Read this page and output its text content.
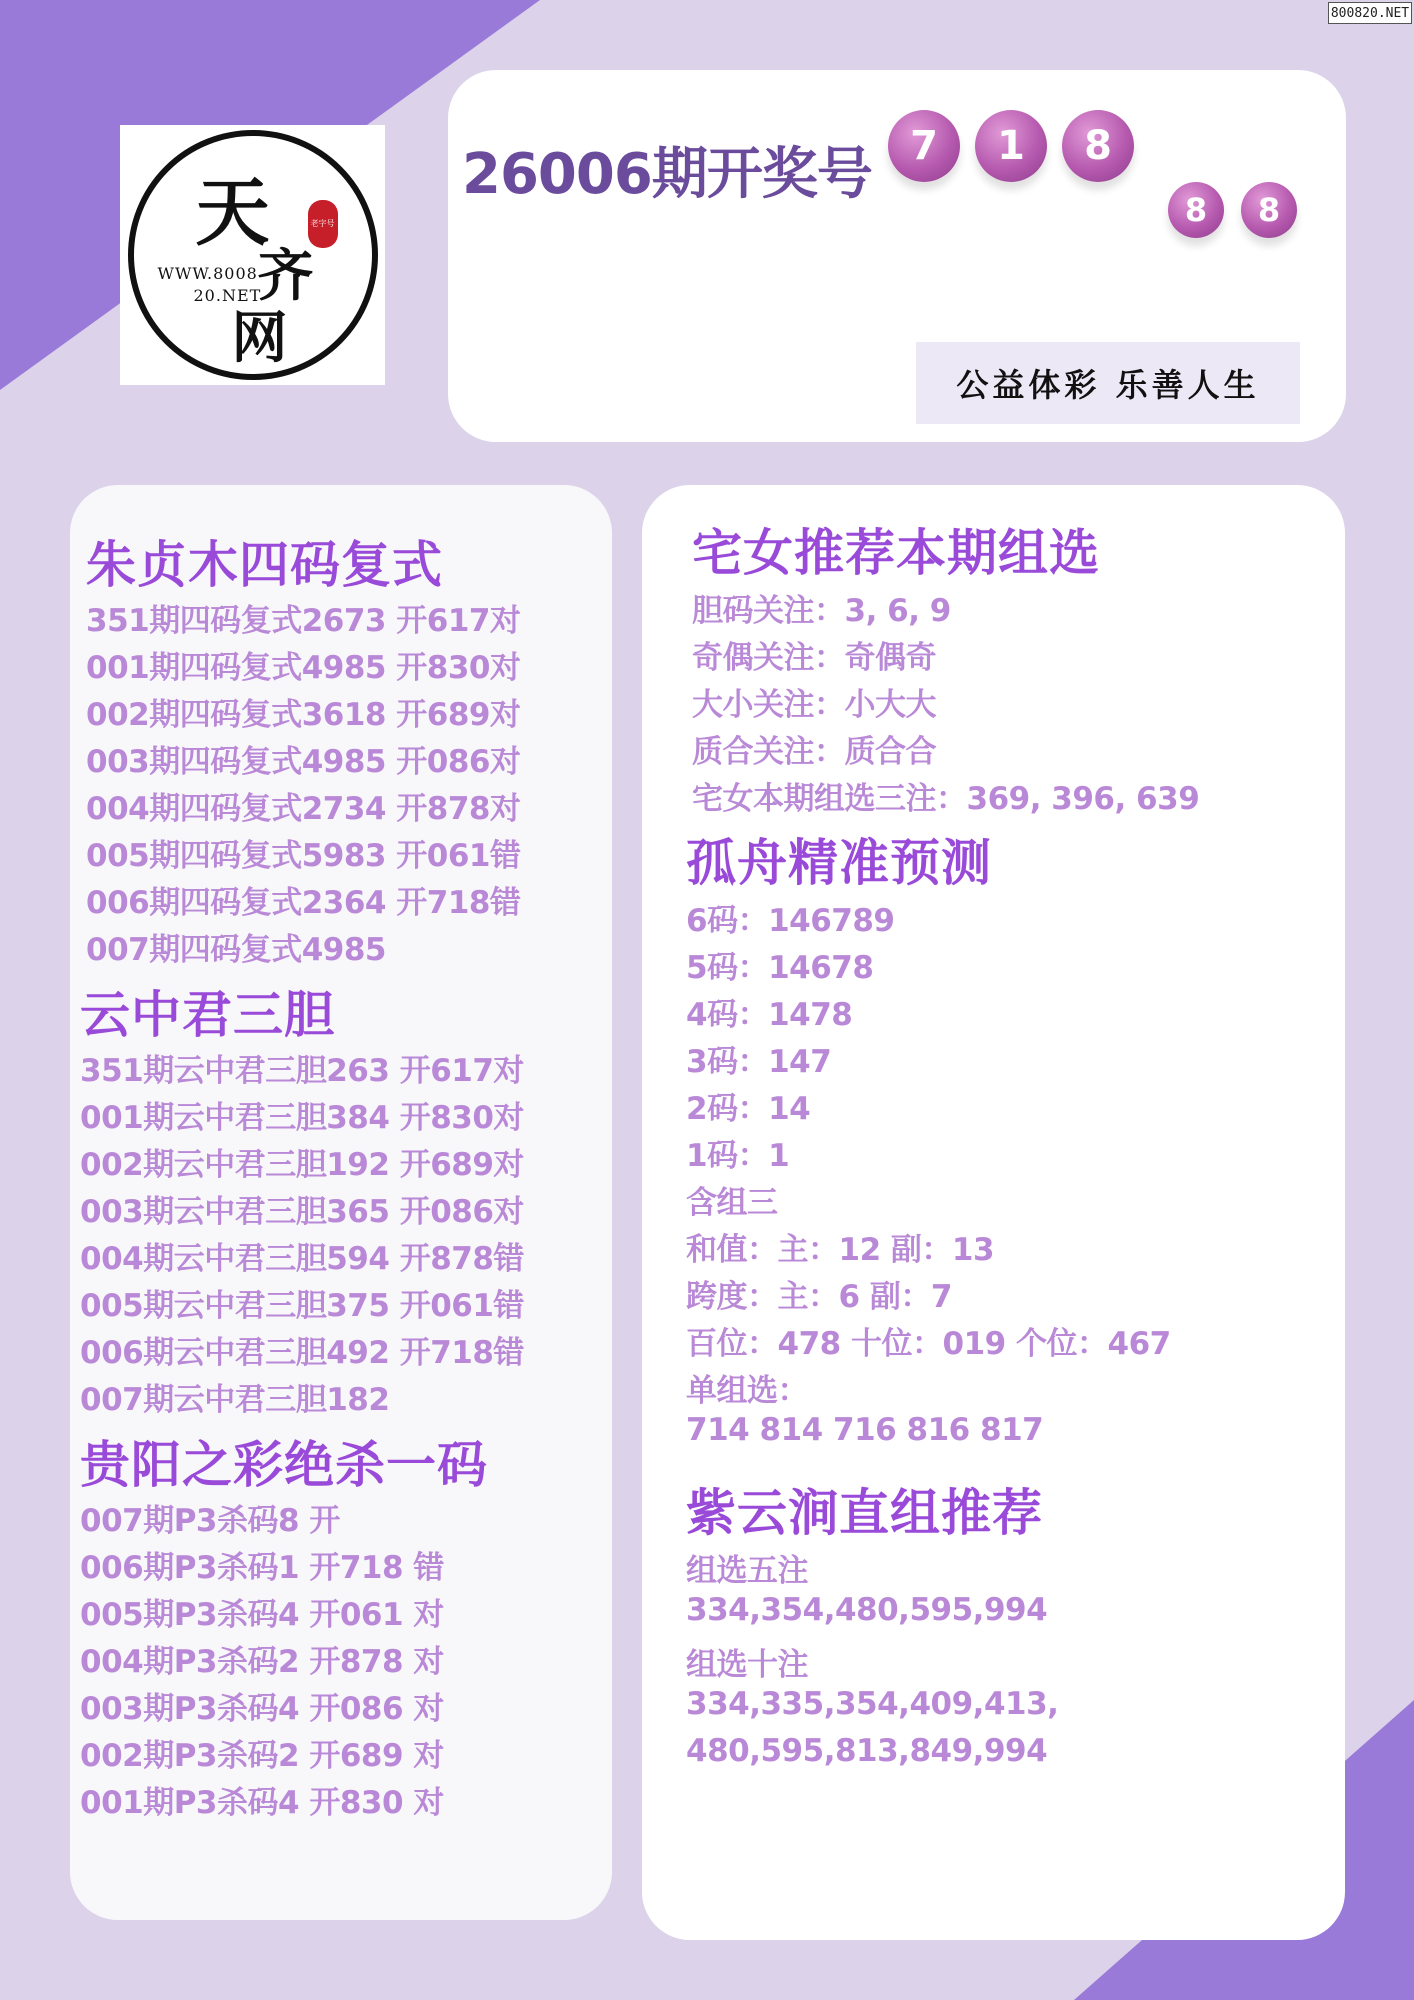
800820.NET
天	老字号
WWW.8008
20.NET
齐
网
26006期开奖号 7	1	8
8	8
公益体彩 乐善人生
朱贞木四码复式
351期四码复式2673 开617对
001期四码复式4985 开830对
002期四码复式3618 开689对
003期四码复式4985 开086对
004期四码复式2734 开878对
005期四码复式5983 开061错
006期四码复式2364 开718错
007期四码复式4985
云中君三胆
351期云中君三胆263 开617对
001期云中君三胆384 开830对
002期云中君三胆192 开689对
003期云中君三胆365 开086对
004期云中君三胆594 开878错
005期云中君三胆375 开061错
006期云中君三胆492 开718错
007期云中君三胆182
贵阳之彩绝杀一码
007期P3杀码8 开
006期P3杀码1 开718 错
005期P3杀码4 开061 对
004期P3杀码2 开878 对
003期P3杀码4 开086 对
002期P3杀码2 开689 对
001期P3杀码4 开830 对
宅女推荐本期组选
胆码关注：3, 6, 9
奇偶关注：奇偶奇
大小关注：小大大
质合关注：质合合
宅女本期组选三注：369, 396, 639
孤舟精准预测
6码：146789
5码：14678
4码：1478
3码：147
2码：14
1码：1
含组三
和值：主：12 副：13
跨度：主：6 副：7
百位：478 十位：019 个位：467
单组选：
714 814 716 816 817
紫云涧直组推荐
组选五注
334,354,480,595,994
组选十注
334,335,354,409,413,
480,595,813,849,994
